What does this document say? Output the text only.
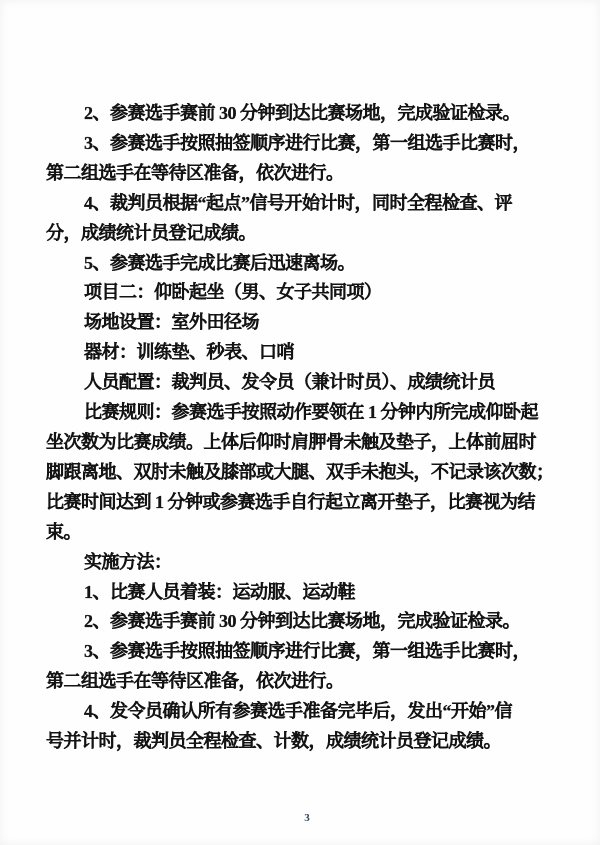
2、参赛选手赛前 30 分钟到达比赛场地，完成验证检录。
3、参赛选手按照抽签顺序进行比赛，第一组选手比赛时，
第二组选手在等待区准备，依次进行。
4、裁判员根据“起点”信号开始计时，同时全程检查、评
分，成绩统计员登记成绩。
5、参赛选手完成比赛后迅速离场。
项目二：仰卧起坐（男、女子共同项）
场地设置：室外田径场
器材：训练垫、秒表、口哨
人员配置：裁判员、发令员（兼计时员）、成绩统计员
比赛规则：参赛选手按照动作要领在 1 分钟内所完成仰卧起
坐次数为比赛成绩。上体后仰时肩胛骨未触及垫子，上体前屈时
脚跟离地、双肘未触及膝部或大腿、双手未抱头，不记录该次数；
比赛时间达到 1 分钟或参赛选手自行起立离开垫子，比赛视为结
束。
实施方法：
1、比赛人员着装：运动服、运动鞋
2、参赛选手赛前 30 分钟到达比赛场地，完成验证检录。
3、参赛选手按照抽签顺序进行比赛，第一组选手比赛时，
第二组选手在等待区准备，依次进行。
4、发令员确认所有参赛选手准备完毕后，发出“开始”信
号并计时，裁判员全程检查、计数，成绩统计员登记成绩。
3
